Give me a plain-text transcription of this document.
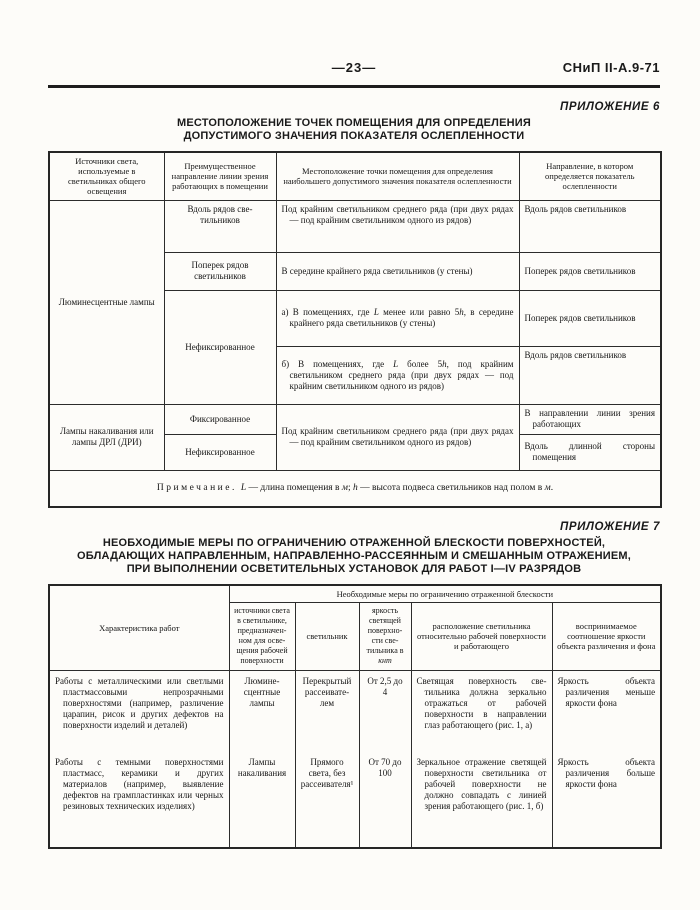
—23—	СНиП II-А.9-71
ПРИЛОЖЕНИЕ 6
МЕСТОПОЛОЖЕНИЕ ТОЧЕК ПОМЕЩЕНИЯ ДЛЯ ОПРЕДЕЛЕНИЯ
ДОПУСТИМОГО ЗНАЧЕНИЯ ПОКАЗАТЕЛЯ ОСЛЕПЛЕННОСТИ
Источники света, используемые в светильниках общего освещения	Преимущественное направление линии зрения работающих в помещении	Местоположение точки помещения для определения наибольшего допустимого значения показателя ослепленности	Направление, в котором определяется показатель ослепленности
Люминесцентные лампы	Вдоль рядов светильников	Под крайним светильником среднего ряда (при двух рядах — под крайним светильником одного из рядов)	Вдоль рядов светильников
	Поперек рядов светильников	В середине крайнего ряда светильников (у стены)	Поперек рядов светильников
	Нефиксированное	а) В помещениях, где L менее или равно 5h, в середине крайнего ряда светильников (у стены)	Поперек рядов светильников
		б) В помещениях, где L более 5h, под крайним светильником среднего ряда (при двух рядах — под крайним светильником одного из рядов)	Вдоль рядов светильников
Лампы накаливания или лампы ДРЛ (ДРИ)	Фиксированное	Под крайним светильником среднего ряда (при двух рядах — под крайним светильником одного из рядов)	В направлении линии зрения работающих
	Нефиксированное		Вдоль длинной стороны помещения
Примечание. L — длина помещения в м; h — высота подвеса светильников над полом в м.			
ПРИЛОЖЕНИЕ 7
НЕОБХОДИМЫЕ МЕРЫ ПО ОГРАНИЧЕНИЮ ОТРАЖЕННОЙ БЛЕСКОСТИ ПОВЕРХНОСТЕЙ,
ОБЛАДАЮЩИХ НАПРАВЛЕННЫМ, НАПРАВЛЕННО-РАССЕЯННЫМ И СМЕШАННЫМ ОТРАЖЕНИЕМ,
ПРИ ВЫПОЛНЕНИИ ОСВЕТИТЕЛЬНЫХ УСТАНОВОК ДЛЯ РАБОТ I—IV РАЗРЯДОВ
Характеристика работ	Необходимые меры по ограничению отраженной блескости				
	источники света в светильнике, предназначенном для освещения рабочей поверхности	светильник	яркость светящей поверхности светильника в кнт	расположение светильника относительно рабочей поверхности и работающего	воспринимаемое соотношение яркости объекта различения и фона
Работы с металлическими или светлыми пластмассовыми непрозрачными поверхностями (например, различение царапин, рисок и других дефектов на поверхности изделий и деталей)	Люминесцентные лампы	Перекрытый рассеивателем	От 2,5 до 4	Светящая поверхность светильника должна зеркально отражаться от рабочей поверхности в направлении глаз работающего (рис. 1, а)	Яркость объекта различения меньше яркости фона
Работы с темными поверхностями пластмасс, керамики и других материалов (например, выявление дефектов на грампластинках или черных резиновых технических изделиях)	Лампы накаливания	Прямого света, без рассеивателя¹	От 70 до 100	Зеркальное отражение светящей поверхности светильника от рабочей поверхности не должно совпадать с линией зрения работающего (рис. 1, б)	Яркость объекта различения больше яркости фона
